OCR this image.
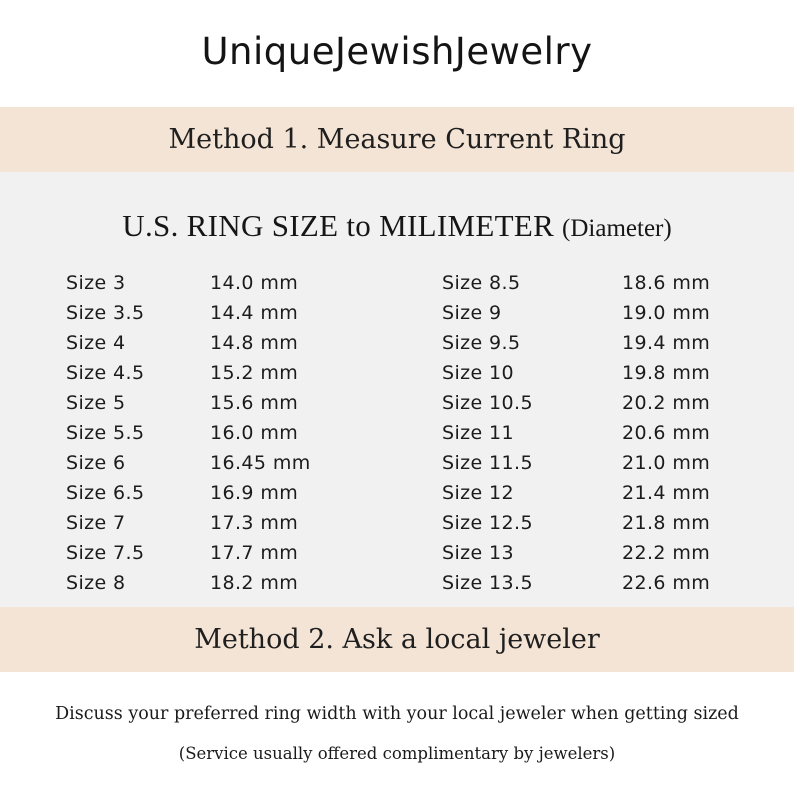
UniqueJewishJewelry
Method 1. Measure Current Ring
U.S. RING SIZE to MILIMETER (Diameter)
Size 3	14.0 mm
Size 3.5	14.4 mm
Size 4	14.8 mm
Size 4.5	15.2 mm
Size 5	15.6 mm
Size 5.5	16.0 mm
Size 6	16.45 mm
Size 6.5	16.9 mm
Size 7	17.3 mm
Size 7.5	17.7 mm
Size 8	18.2 mm
Size 8.5	18.6 mm
Size 9	19.0 mm
Size 9.5	19.4 mm
Size 10	19.8 mm
Size 10.5	20.2 mm
Size 11	20.6 mm
Size 11.5	21.0 mm
Size 12	21.4 mm
Size 12.5	21.8 mm
Size 13	22.2 mm
Size 13.5	22.6 mm
Method 2. Ask a local jeweler
Discuss your preferred ring width with your local jeweler when getting sized
(Service usually offered complimentary by jewelers)
